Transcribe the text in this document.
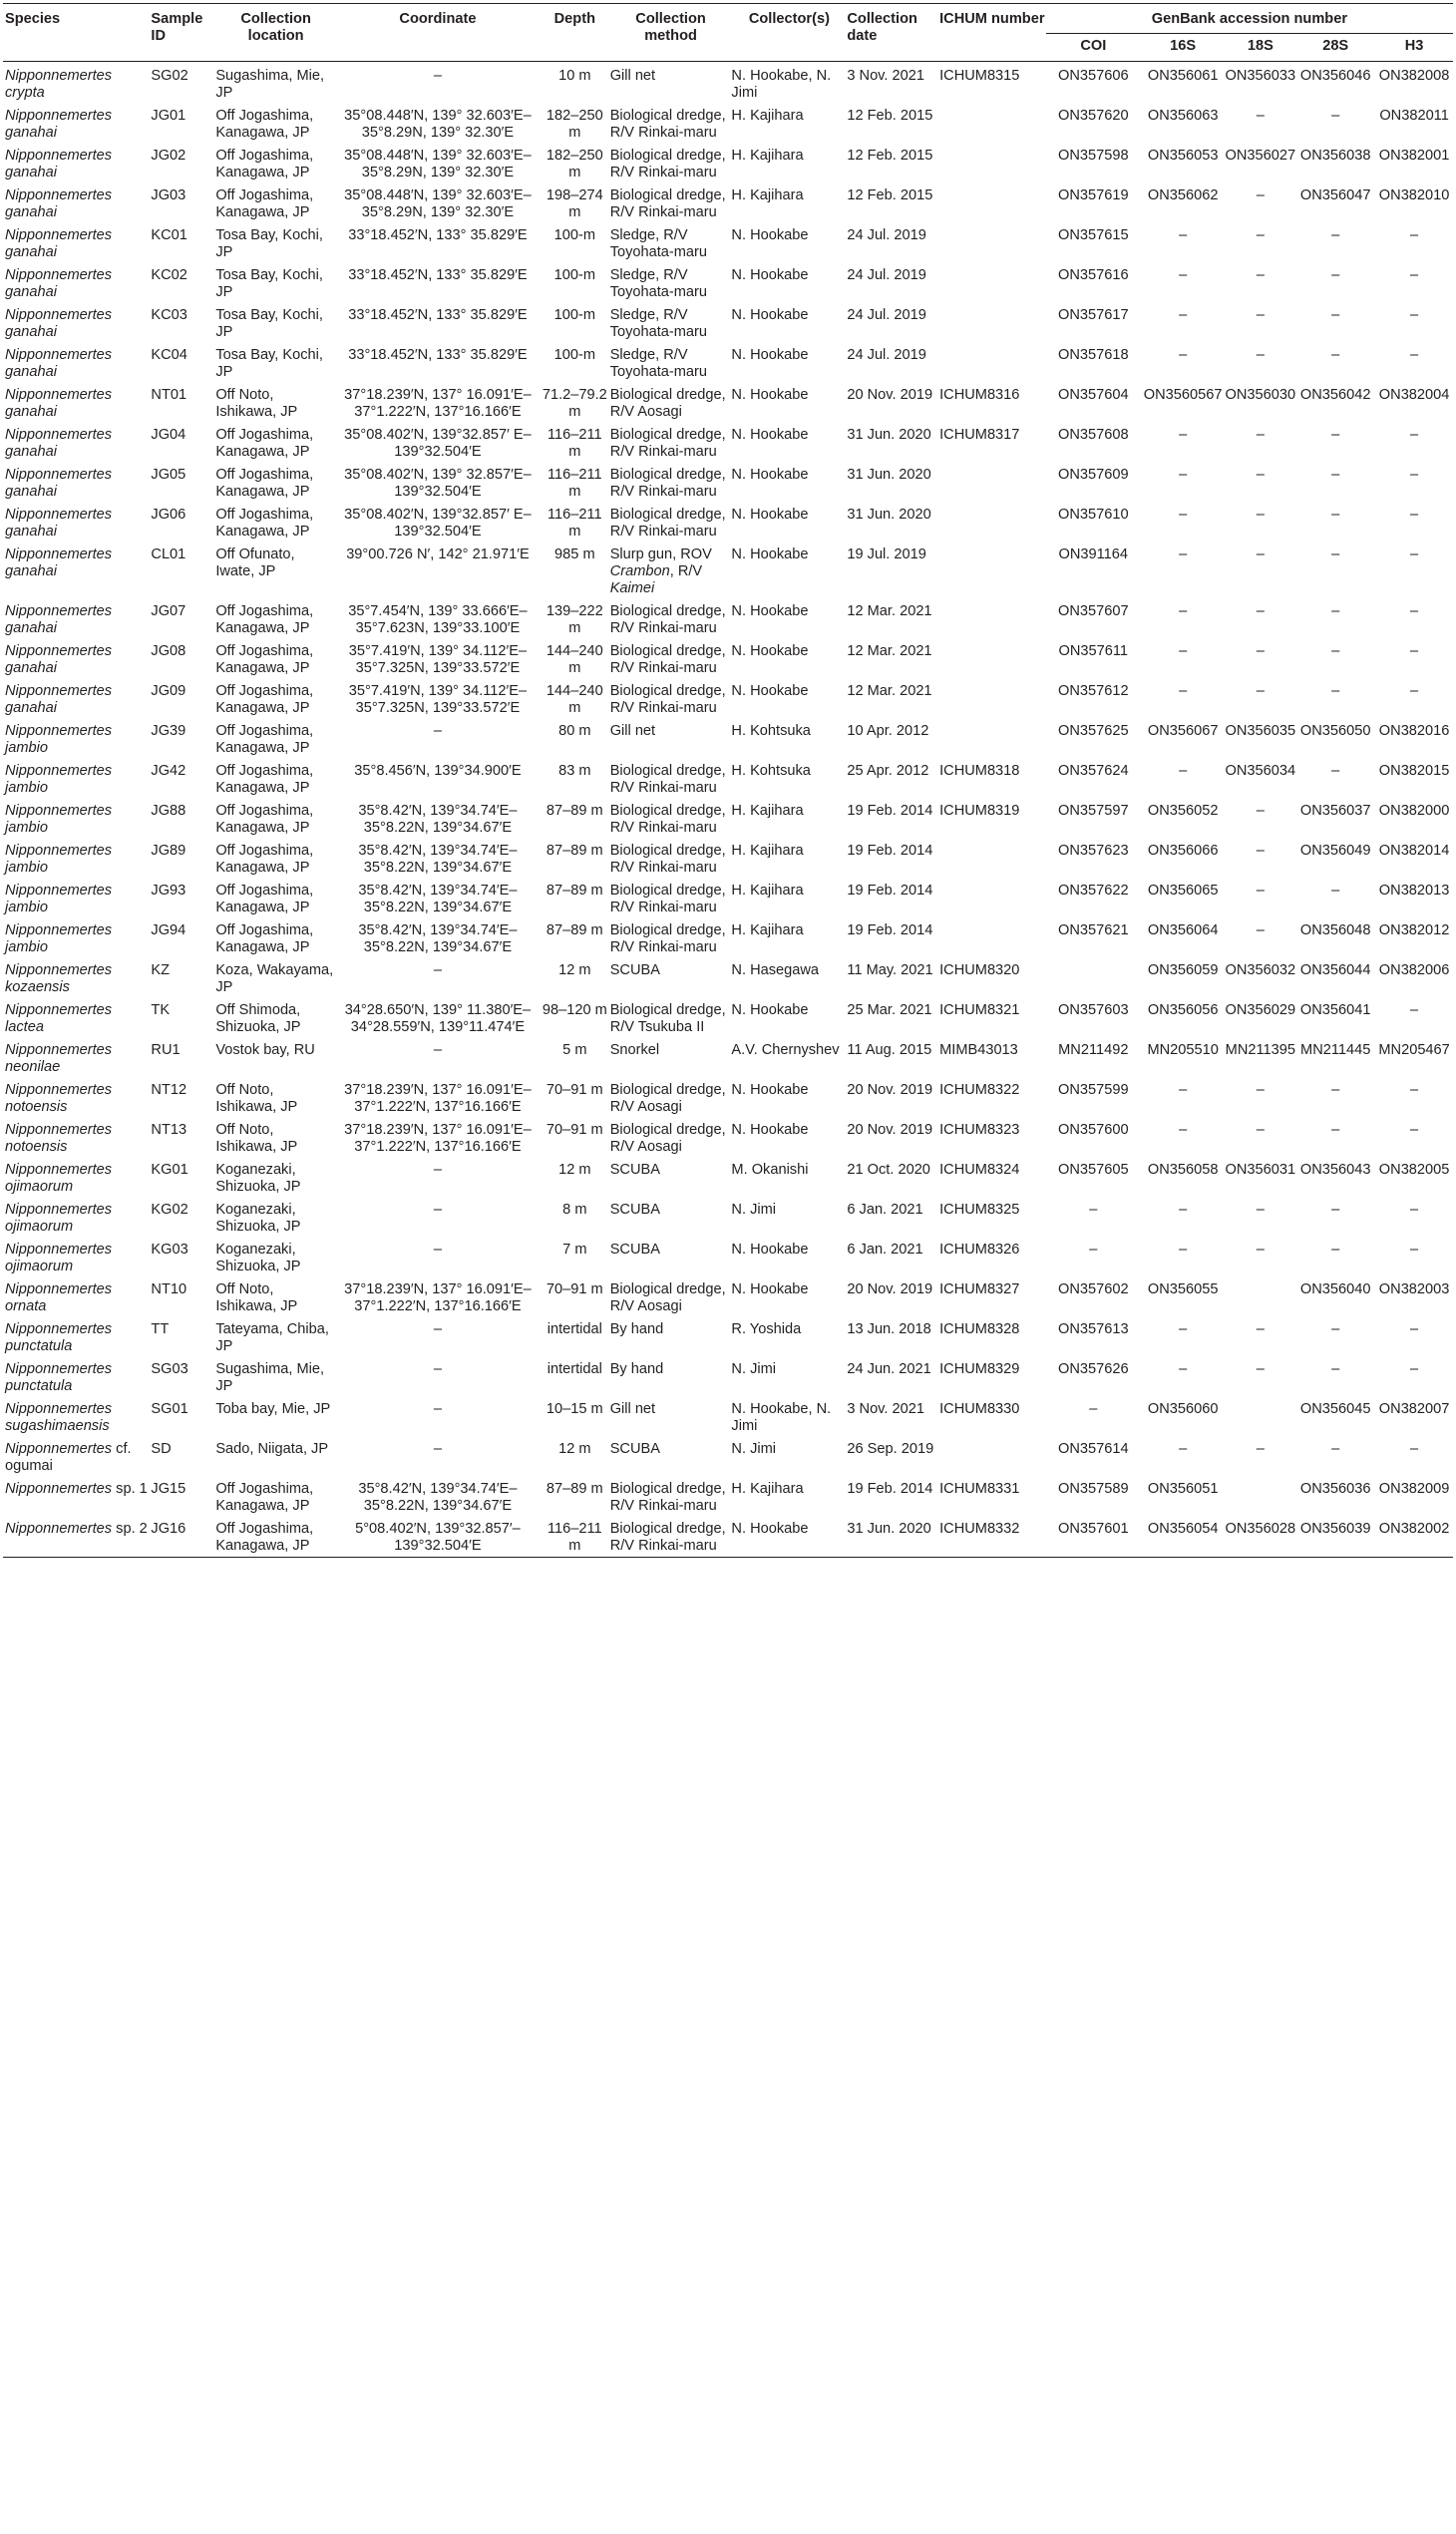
Species	Sample ID	Collection location	Coordinate	Depth	Collection method	Collector(s)	Collection date	ICHUM number	GenBank accession number				
									COI	16S	18S	28S	H3
Nipponnemertes crypta	SG02	Sugashima, Mie, JP	–	10 m	Gill net	N. Hookabe, N. Jimi	3 Nov. 2021	ICHUM8315	ON357606	ON356061	ON356033	ON356046	ON382008
Nipponnemertes ganahai	JG01	Off Jogashima, Kanagawa, JP	35°08.448′N, 139° 32.603′E–35°8.29N, 139° 32.30′E	182–250 m	Biological dredge, R/V Rinkai-maru	H. Kajihara	12 Feb. 2015		ON357620	ON356063	–	–	ON382011
Nipponnemertes ganahai	JG02	Off Jogashima, Kanagawa, JP	35°08.448′N, 139° 32.603′E–35°8.29N, 139° 32.30′E	182–250 m	Biological dredge, R/V Rinkai-maru	H. Kajihara	12 Feb. 2015		ON357598	ON356053	ON356027	ON356038	ON382001
Nipponnemertes ganahai	JG03	Off Jogashima, Kanagawa, JP	35°08.448′N, 139° 32.603′E–35°8.29N, 139° 32.30′E	198–274 m	Biological dredge, R/V Rinkai-maru	H. Kajihara	12 Feb. 2015		ON357619	ON356062	–	ON356047	ON382010
Nipponnemertes ganahai	KC01	Tosa Bay, Kochi, JP	33°18.452′N, 133° 35.829′E	100-m	Sledge, R/V Toyohata-maru	N. Hookabe	24 Jul. 2019		ON357615	–	–	–	–
Nipponnemertes ganahai	KC02	Tosa Bay, Kochi, JP	33°18.452′N, 133° 35.829′E	100-m	Sledge, R/V Toyohata-maru	N. Hookabe	24 Jul. 2019		ON357616	–	–	–	–
Nipponnemertes ganahai	KC03	Tosa Bay, Kochi, JP	33°18.452′N, 133° 35.829′E	100-m	Sledge, R/V Toyohata-maru	N. Hookabe	24 Jul. 2019		ON357617	–	–	–	–
Nipponnemertes ganahai	KC04	Tosa Bay, Kochi, JP	33°18.452′N, 133° 35.829′E	100-m	Sledge, R/V Toyohata-maru	N. Hookabe	24 Jul. 2019		ON357618	–	–	–	–
Nipponnemertes ganahai	NT01	Off Noto, Ishikawa, JP	37°18.239′N, 137° 16.091′E–37°1.222′N, 137°16.166′E	71.2–79.2 m	Biological dredge, R/V Aosagi	N. Hookabe	20 Nov. 2019	ICHUM8316	ON357604	ON3560567	ON356030	ON356042	ON382004
Nipponnemertes ganahai	JG04	Off Jogashima, Kanagawa, JP	35°08.402′N, 139°32.857′ E–139°32.504′E	116–211 m	Biological dredge, R/V Rinkai-maru	N. Hookabe	31 Jun. 2020	ICHUM8317	ON357608	–	–	–	–
Nipponnemertes ganahai	JG05	Off Jogashima, Kanagawa, JP	35°08.402′N, 139° 32.857′E–139°32.504′E	116–211 m	Biological dredge, R/V Rinkai-maru	N. Hookabe	31 Jun. 2020		ON357609	–	–	–	–
Nipponnemertes ganahai	JG06	Off Jogashima, Kanagawa, JP	35°08.402′N, 139°32.857′ E–139°32.504′E	116–211 m	Biological dredge, R/V Rinkai-maru	N. Hookabe	31 Jun. 2020		ON357610	–	–	–	–
Nipponnemertes ganahai	CL01	Off Ofunato, Iwate, JP	39°00.726 N′, 142° 21.971′E	985 m	Slurp gun, ROV Crambon, R/V Kaimei	N. Hookabe	19 Jul. 2019		ON391164	–	–	–	–
Nipponnemertes ganahai	JG07	Off Jogashima, Kanagawa, JP	35°7.454′N, 139° 33.666′E–35°7.623N, 139°33.100′E	139–222 m	Biological dredge, R/V Rinkai-maru	N. Hookabe	12 Mar. 2021		ON357607	–	–	–	–
Nipponnemertes ganahai	JG08	Off Jogashima, Kanagawa, JP	35°7.419′N, 139° 34.112′E–35°7.325N, 139°33.572′E	144–240 m	Biological dredge, R/V Rinkai-maru	N. Hookabe	12 Mar. 2021		ON357611	–	–	–	–
Nipponnemertes ganahai	JG09	Off Jogashima, Kanagawa, JP	35°7.419′N, 139° 34.112′E–35°7.325N, 139°33.572′E	144–240 m	Biological dredge, R/V Rinkai-maru	N. Hookabe	12 Mar. 2021		ON357612	–	–	–	–
Nipponnemertes jambio	JG39	Off Jogashima, Kanagawa, JP	–	80 m	Gill net	H. Kohtsuka	10 Apr. 2012		ON357625	ON356067	ON356035	ON356050	ON382016
Nipponnemertes jambio	JG42	Off Jogashima, Kanagawa, JP	35°8.456′N, 139°34.900′E	83 m	Biological dredge, R/V Rinkai-maru	H. Kohtsuka	25 Apr. 2012	ICHUM8318	ON357624	–	ON356034	–	ON382015
Nipponnemertes jambio	JG88	Off Jogashima, Kanagawa, JP	35°8.42′N, 139°34.74′E–35°8.22N, 139°34.67′E	87–89 m	Biological dredge, R/V Rinkai-maru	H. Kajihara	19 Feb. 2014	ICHUM8319	ON357597	ON356052	–	ON356037	ON382000
Nipponnemertes jambio	JG89	Off Jogashima, Kanagawa, JP	35°8.42′N, 139°34.74′E–35°8.22N, 139°34.67′E	87–89 m	Biological dredge, R/V Rinkai-maru	H. Kajihara	19 Feb. 2014		ON357623	ON356066	–	ON356049	ON382014
Nipponnemertes jambio	JG93	Off Jogashima, Kanagawa, JP	35°8.42′N, 139°34.74′E–35°8.22N, 139°34.67′E	87–89 m	Biological dredge, R/V Rinkai-maru	H. Kajihara	19 Feb. 2014		ON357622	ON356065	–	–	ON382013
Nipponnemertes jambio	JG94	Off Jogashima, Kanagawa, JP	35°8.42′N, 139°34.74′E–35°8.22N, 139°34.67′E	87–89 m	Biological dredge, R/V Rinkai-maru	H. Kajihara	19 Feb. 2014		ON357621	ON356064	–	ON356048	ON382012
Nipponnemertes kozaensis	KZ	Koza, Wakayama, JP	–	12 m	SCUBA	N. Hasegawa	11 May. 2021	ICHUM8320		ON356059	ON356032	ON356044	ON382006
Nipponnemertes lactea	TK	Off Shimoda, Shizuoka, JP	34°28.650′N, 139° 11.380′E–34°28.559′N, 139°11.474′E	98–120 m	Biological dredge, R/V Tsukuba II	N. Hookabe	25 Mar. 2021	ICHUM8321	ON357603	ON356056	ON356029	ON356041	–
Nipponnemertes neonilae	RU1	Vostok bay, RU	–	5 m	Snorkel	A.V. Chernyshev	11 Aug. 2015	MIMB43013	MN211492	MN205510	MN211395	MN211445	MN205467
Nipponnemertes notoensis	NT12	Off Noto, Ishikawa, JP	37°18.239′N, 137° 16.091′E–37°1.222′N, 137°16.166′E	70–91 m	Biological dredge, R/V Aosagi	N. Hookabe	20 Nov. 2019	ICHUM8322	ON357599	–	–	–	–
Nipponnemertes notoensis	NT13	Off Noto, Ishikawa, JP	37°18.239′N, 137° 16.091′E–37°1.222′N, 137°16.166′E	70–91 m	Biological dredge, R/V Aosagi	N. Hookabe	20 Nov. 2019	ICHUM8323	ON357600	–	–	–	–
Nipponnemertes ojimaorum	KG01	Koganezaki, Shizuoka, JP	–	12 m	SCUBA	M. Okanishi	21 Oct. 2020	ICHUM8324	ON357605	ON356058	ON356031	ON356043	ON382005
Nipponnemertes ojimaorum	KG02	Koganezaki, Shizuoka, JP	–	8 m	SCUBA	N. Jimi	6 Jan. 2021	ICHUM8325	–	–	–	–	–
Nipponnemertes ojimaorum	KG03	Koganezaki, Shizuoka, JP	–	7 m	SCUBA	N. Hookabe	6 Jan. 2021	ICHUM8326	–	–	–	–	–
Nipponnemertes ornata	NT10	Off Noto, Ishikawa, JP	37°18.239′N, 137° 16.091′E–37°1.222′N, 137°16.166′E	70–91 m	Biological dredge, R/V Aosagi	N. Hookabe	20 Nov. 2019	ICHUM8327	ON357602	ON356055		ON356040	ON382003
Nipponnemertes punctatula	TT	Tateyama, Chiba, JP	–	intertidal	By hand	R. Yoshida	13 Jun. 2018	ICHUM8328	ON357613	–	–	–	–
Nipponnemertes punctatula	SG03	Sugashima, Mie, JP	–	intertidal	By hand	N. Jimi	24 Jun. 2021	ICHUM8329	ON357626	–	–	–	–
Nipponnemertes sugashimaensis	SG01	Toba bay, Mie, JP	–	10–15 m	Gill net	N. Hookabe, N. Jimi	3 Nov. 2021	ICHUM8330	–	ON356060		ON356045	ON382007
Nipponnemertes cf. ogumai	SD	Sado, Niigata, JP	–	12 m	SCUBA	N. Jimi	26 Sep. 2019		ON357614	–	–	–	–
Nipponnemertes sp. 1	JG15	Off Jogashima, Kanagawa, JP	35°8.42′N, 139°34.74′E–35°8.22N, 139°34.67′E	87–89 m	Biological dredge, R/V Rinkai-maru	H. Kajihara	19 Feb. 2014	ICHUM8331	ON357589	ON356051		ON356036	ON382009
Nipponnemertes sp. 2	JG16	Off Jogashima, Kanagawa, JP	5°08.402′N, 139°32.857′–139°32.504′E	116–211 m	Biological dredge, R/V Rinkai-maru	N. Hookabe	31 Jun. 2020	ICHUM8332	ON357601	ON356054	ON356028	ON356039	ON382002
